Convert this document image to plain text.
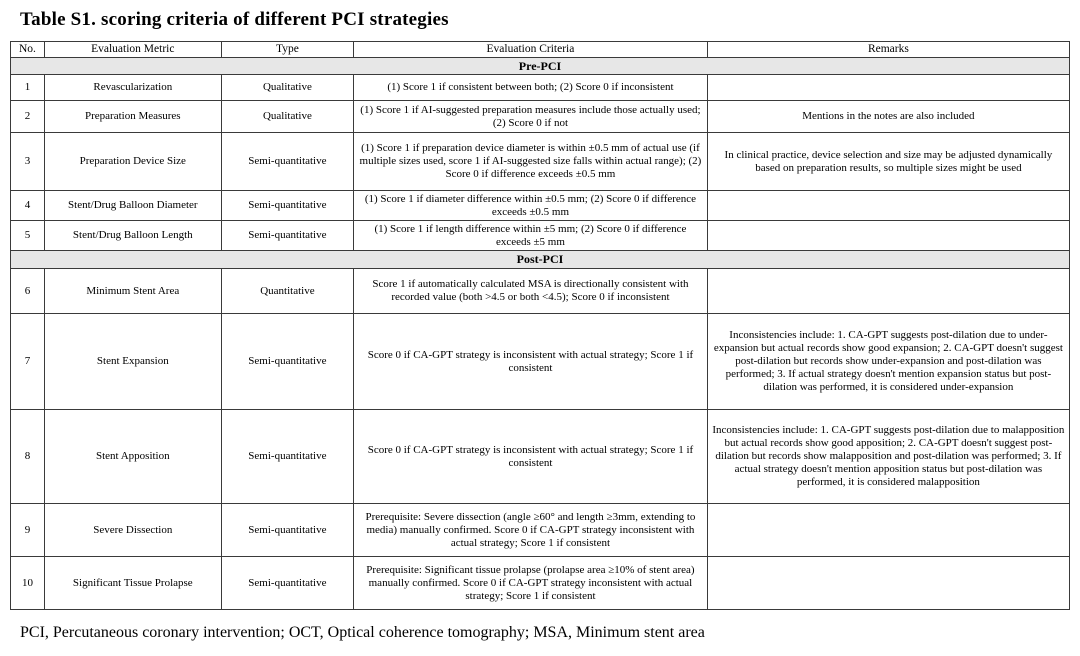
Table S1. scoring criteria of different PCI strategies
No.	Evaluation Metric	Type	Evaluation Criteria	Remarks
Pre-PCI				
1	Revascularization	Qualitative	(1) Score 1 if consistent between both; (2) Score 0 if inconsistent	
2	Preparation Measures	Qualitative	(1) Score 1 if AI-suggested preparation measures include those actually used; (2) Score 0 if not	Mentions in the notes are also included
3	Preparation Device Size	Semi-quantitative	(1) Score 1 if preparation device diameter is within ±0.5 mm of actual use (if multiple sizes used, score 1 if AI-suggested size falls within actual range); (2) Score 0 if difference exceeds ±0.5 mm	In clinical practice, device selection and size may be adjusted dynamically based on preparation results, so multiple sizes might be used
4	Stent/Drug Balloon Diameter	Semi-quantitative	(1) Score 1 if diameter difference within ±0.5 mm; (2) Score 0 if difference exceeds ±0.5 mm	
5	Stent/Drug Balloon Length	Semi-quantitative	(1) Score 1 if length difference within ±5 mm; (2) Score 0 if difference exceeds ±5 mm	
Post-PCI				
6	Minimum Stent Area	Quantitative	Score 1 if automatically calculated MSA is directionally consistent with recorded value (both >4.5 or both <4.5); Score 0 if inconsistent	
7	Stent Expansion	Semi-quantitative	Score 0 if CA-GPT strategy is inconsistent with actual strategy; Score 1 if consistent	Inconsistencies include: 1. CA-GPT suggests post-dilation due to under-expansion but actual records show good expansion; 2. CA-GPT doesn't suggest post-dilation but records show under-expansion and post-dilation was performed; 3. If actual strategy doesn't mention expansion status but post-dilation was performed, it is considered under-expansion
8	Stent Apposition	Semi-quantitative	Score 0 if CA-GPT strategy is inconsistent with actual strategy; Score 1 if consistent	Inconsistencies include: 1. CA-GPT suggests post-dilation due to malapposition but actual records show good apposition; 2. CA-GPT doesn't suggest post-dilation but records show malapposition and post-dilation was performed; 3. If actual strategy doesn't mention apposition status but post-dilation was performed, it is considered malapposition
9	Severe Dissection	Semi-quantitative	Prerequisite: Severe dissection (angle ≥60° and length ≥3mm, extending to media) manually confirmed. Score 0 if CA-GPT strategy inconsistent with actual strategy; Score 1 if consistent	
10	Significant Tissue Prolapse	Semi-quantitative	Prerequisite: Significant tissue prolapse (prolapse area ≥10% of stent area) manually confirmed. Score 0 if CA-GPT strategy inconsistent with actual strategy; Score 1 if consistent	
PCI, Percutaneous coronary intervention; OCT, Optical coherence tomography; MSA, Minimum stent area
